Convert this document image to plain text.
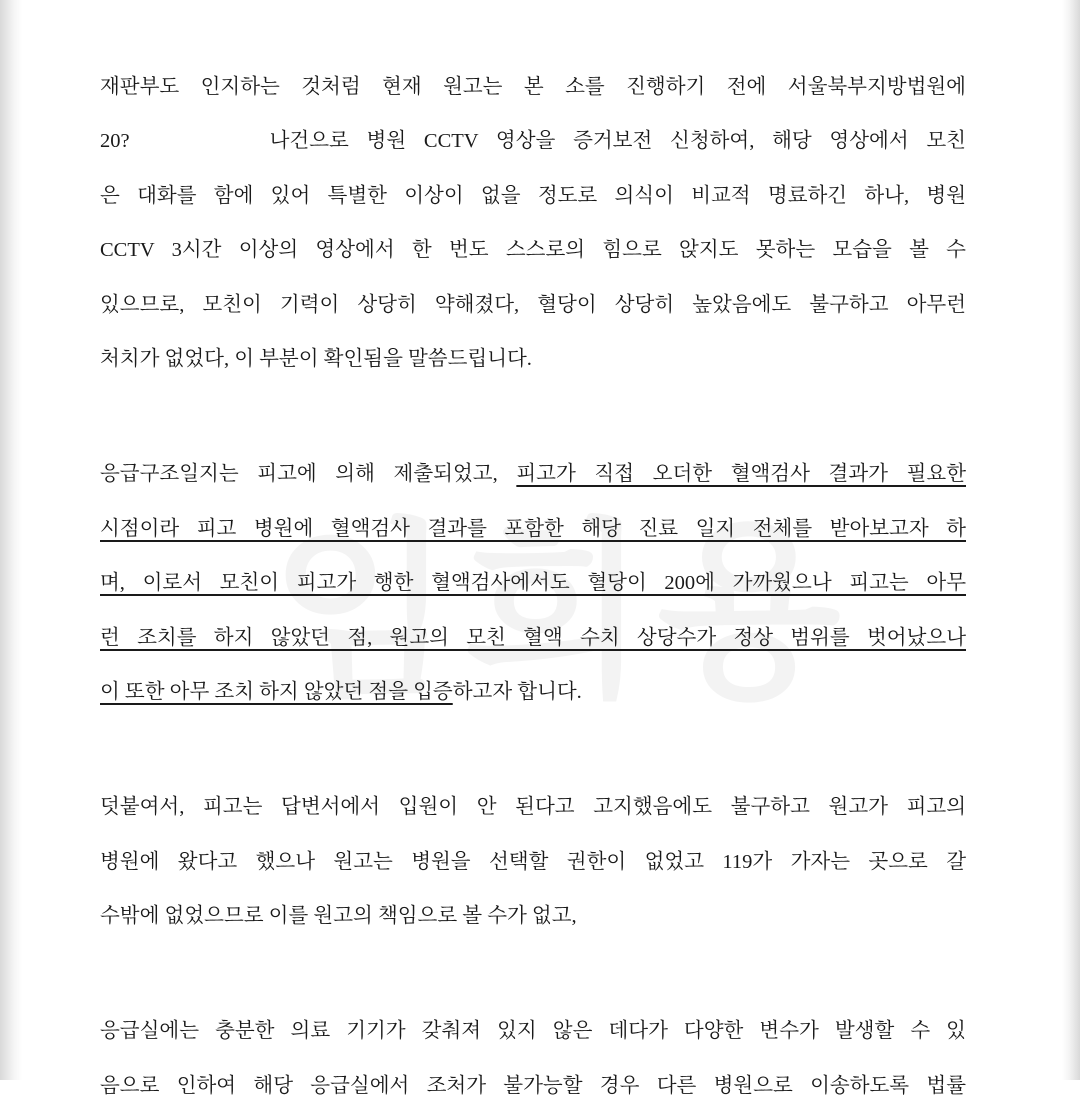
재판부도 인지하는 것처럼 현재 원고는 본 소를 진행하기 전에 서울북부지방법원에
20?	나건으로 병원 CCTV 영상을 증거보전 신청하여, 해당 영상에서 모친
은 대화를 함에 있어 특별한 이상이 없을 정도로 의식이 비교적 명료하긴 하나, 병원
CCTV 3시간 이상의 영상에서 한 번도 스스로의 힘으로 앉지도 못하는 모습을 볼 수
있으므로, 모친이 기력이 상당히 약해졌다, 혈당이 상당히 높았음에도 불구하고 아무런
처치가 없었다, 이 부분이 확인됨을 말씀드립니다.
응급구조일지는 피고에 의해 제출되었고, 피고가 직접 오더한 혈액검사 결과가 필요한
시점이라 피고 병원에 혈액검사 결과를 포함한 해당 진료 일지 전체를 받아보고자 하
며, 이로서 모친이 피고가 행한 혈액검사에서도 혈당이 200에 가까웠으나 피고는 아무
런 조치를 하지 않았던 점, 원고의 모친 혈액 수치 상당수가 정상 범위를 벗어났으나
이 또한 아무 조치 하지 않았던 점을 입증하고자 합니다.
덧붙여서, 피고는 답변서에서 입원이 안 된다고 고지했음에도 불구하고 원고가 피고의
병원에 왔다고 했으나 원고는 병원을 선택할 권한이 없었고 119가 가자는 곳으로 갈
수밖에 없었으므로 이를 원고의 책임으로 볼 수가 없고,
응급실에는 충분한 의료 기기가 갖춰져 있지 않은 데다가 다양한 변수가 발생할 수 있
음으로 인하여 해당 응급실에서 조처가 불가능할 경우 다른 병원으로 이송하도록 법률
